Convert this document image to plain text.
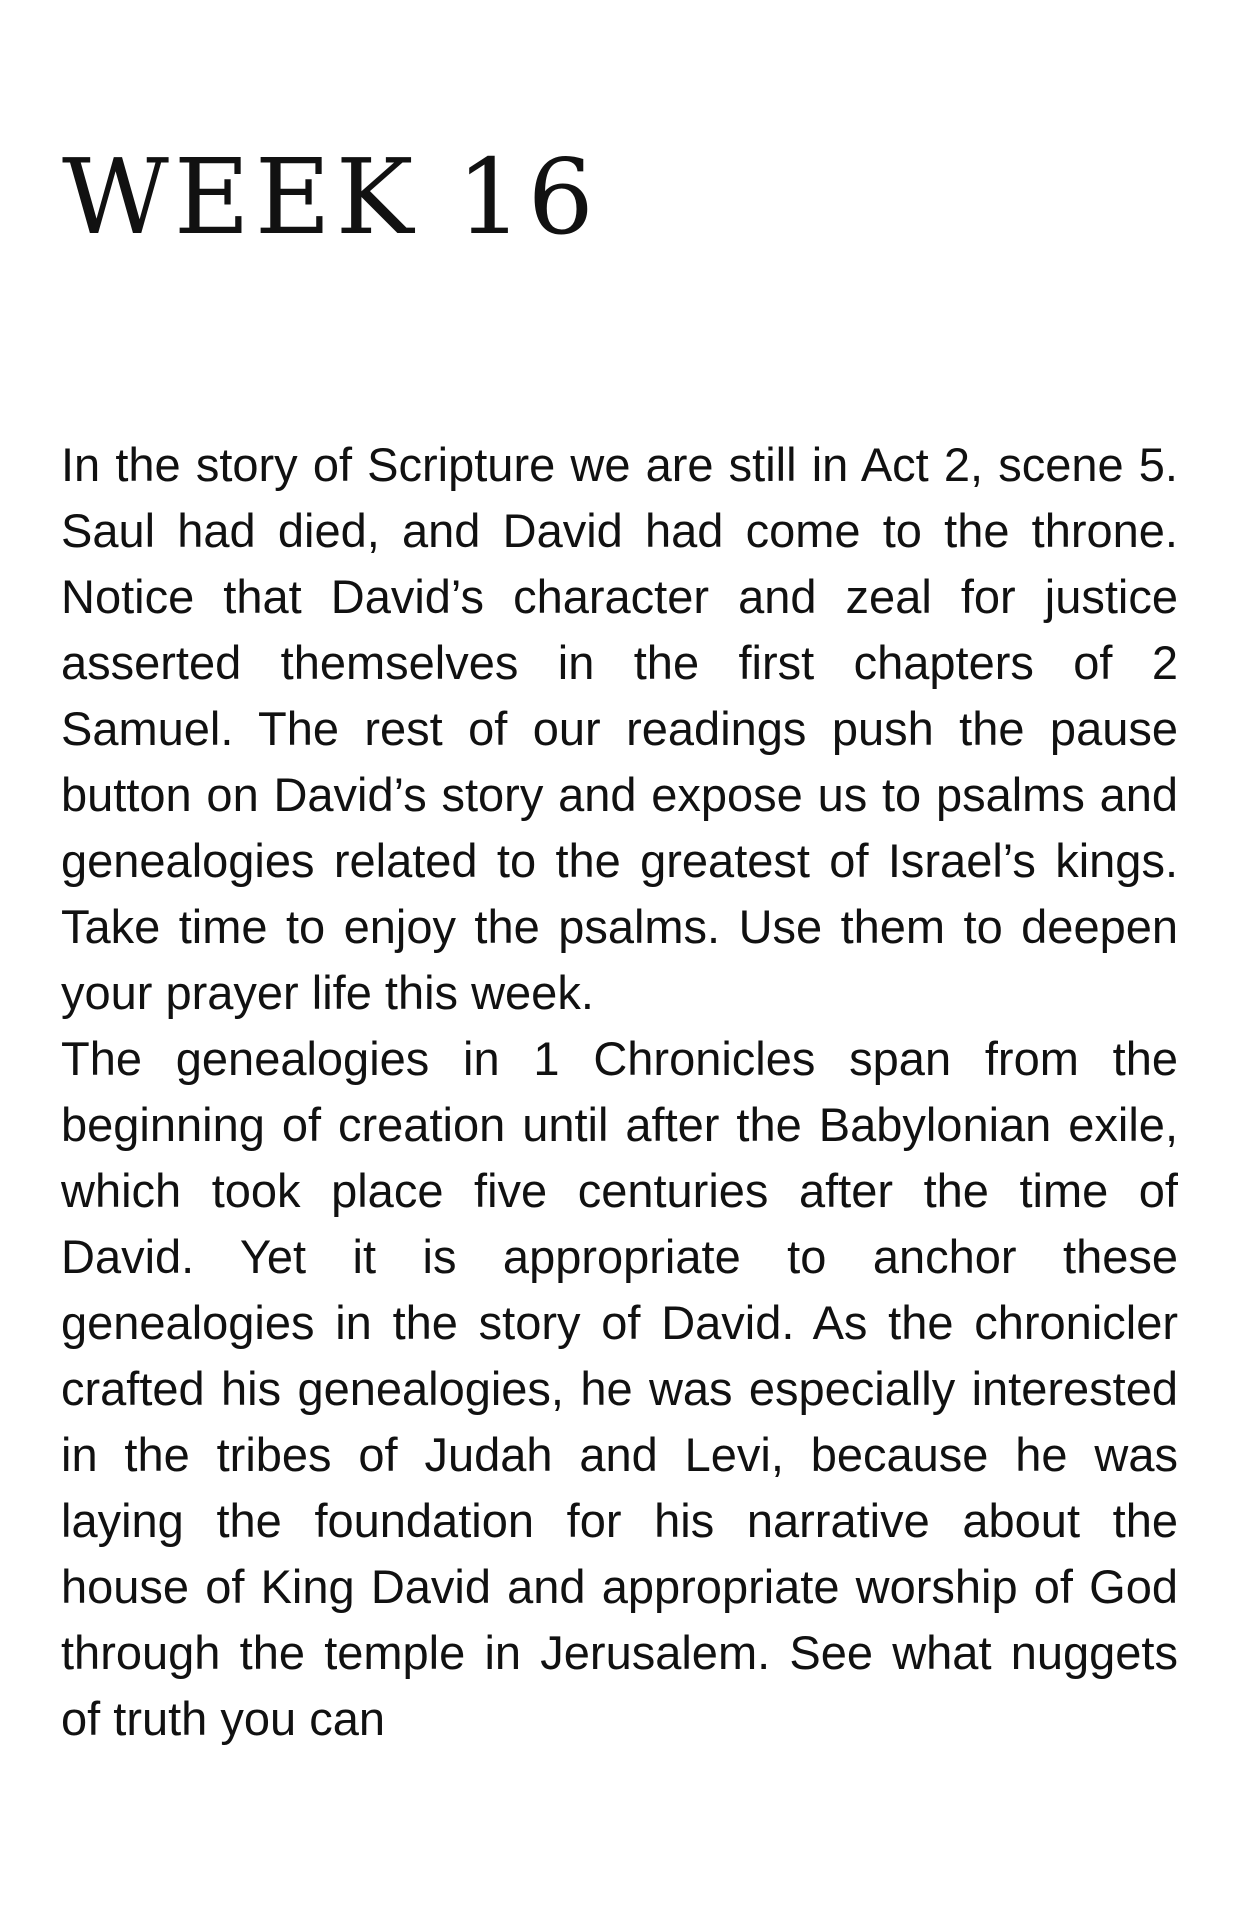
WEEK 16

In the story of Scripture we are still in Act 2, scene 5. Saul had died, and David had come to the throne. Notice that David’s character and zeal for justice asserted themselves in the first chapters of 2 Samuel. The rest of our readings push the pause button on David’s story and expose us to psalms and genealogies related to the greatest of Israel’s kings. Take time to enjoy the psalms. Use them to deepen your prayer life this week.

The genealogies in 1 Chronicles span from the beginning of creation until after the Babylonian exile, which took place five centuries after the time of David. Yet it is appropriate to anchor these genealogies in the story of David. As the chronicler crafted his genealogies, he was especially interested in the tribes of Judah and Levi, because he was laying the foundation for his narrative about the house of King David and appropriate worship of God through the temple in Jerusalem. See what nuggets of truth you can
